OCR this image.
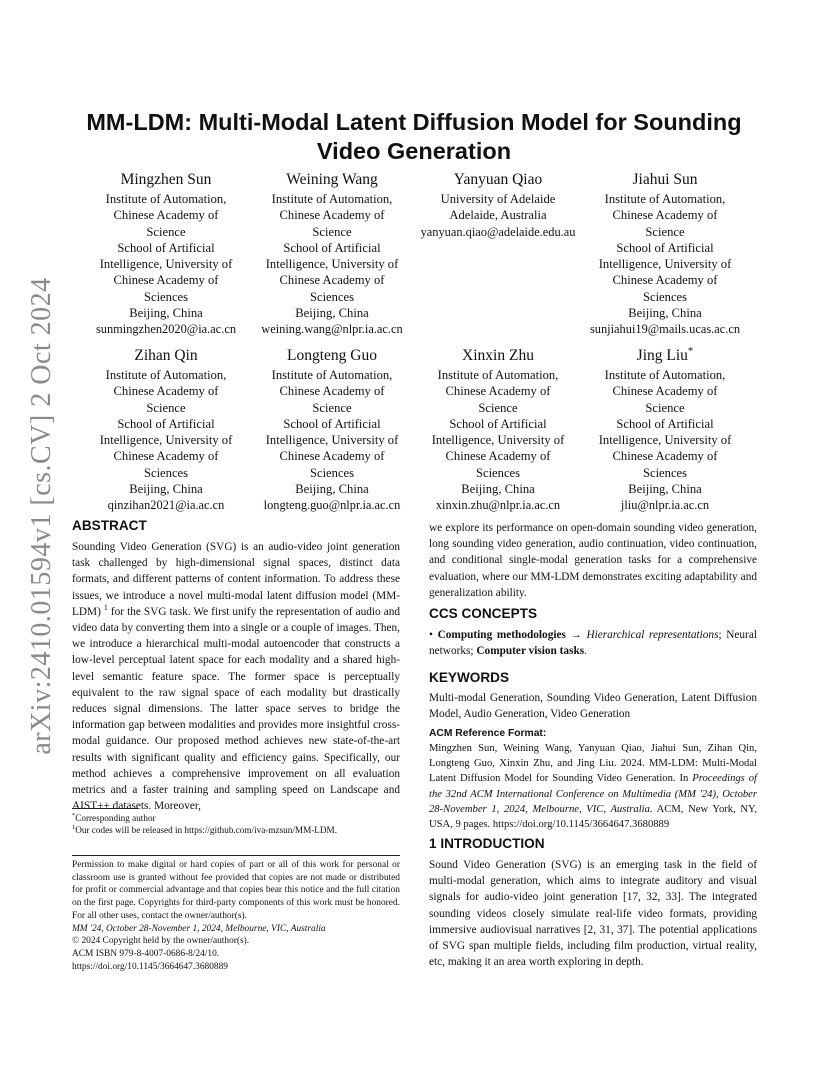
arXiv:2410.01594v1 [cs.CV] 2 Oct 2024
MM-LDM: Multi-Modal Latent Diffusion Model for Sounding Video Generation
Mingzhen Sun
Institute of Automation,
Chinese Academy of
Science
School of Artificial
Intelligence, University of
Chinese Academy of
Sciences
Beijing, China
sunmingzhen2020@ia.ac.cn
Weining Wang
Institute of Automation,
Chinese Academy of
Science
School of Artificial
Intelligence, University of
Chinese Academy of
Sciences
Beijing, China
weining.wang@nlpr.ia.ac.cn
Yanyuan Qiao
University of Adelaide
Adelaide, Australia
yanyuan.qiao@adelaide.edu.au
Jiahui Sun
Institute of Automation,
Chinese Academy of
Science
School of Artificial
Intelligence, University of
Chinese Academy of
Sciences
Beijing, China
sunjiahui19@mails.ucas.ac.cn
Zihan Qin
Institute of Automation,
Chinese Academy of
Science
School of Artificial
Intelligence, University of
Chinese Academy of
Sciences
Beijing, China
qinzihan2021@ia.ac.cn
Longteng Guo
Institute of Automation,
Chinese Academy of
Science
School of Artificial
Intelligence, University of
Chinese Academy of
Sciences
Beijing, China
longteng.guo@nlpr.ia.ac.cn
Xinxin Zhu
Institute of Automation,
Chinese Academy of
Science
School of Artificial
Intelligence, University of
Chinese Academy of
Sciences
Beijing, China
xinxin.zhu@nlpr.ia.ac.cn
Jing Liu*
Institute of Automation,
Chinese Academy of
Science
School of Artificial
Intelligence, University of
Chinese Academy of
Sciences
Beijing, China
jliu@nlpr.ia.ac.cn
ABSTRACT

Sounding Video Generation (SVG) is an audio-video joint generation task challenged by high-dimensional signal spaces, distinct data formats, and different patterns of content information. To address these issues, we introduce a novel multi-modal latent diffusion model (MM-LDM) $^1$ for the SVG task. We first unify the representation of audio and video data by converting them into a single or a couple of images. Then, we introduce a hierarchical multi-modal autoencoder that constructs a low-level perceptual latent space for each modality and a shared high-level semantic feature space. The former space is perceptually equivalent to the raw signal space of each modality but drastically reduces signal dimensions. The latter space serves to bridge the information gap between modalities and provides more insightful cross-modal guidance. Our proposed method achieves new state-of-the-art results with significant quality and efficiency gains. Specifically, our method achieves a comprehensive improvement on all evaluation metrics and a faster training and sampling speed on Landscape and AIST++ datasets. Moreover,

*Corresponding author
$^1$Our codes will be released in https://github.com/iva-mzsun/MM-LDM.
Permission to make digital or hard copies of part or all of this work for personal or classroom use is granted without fee provided that copies are not made or distributed for profit or commercial advantage and that copies bear this notice and the full citation on the first page. Copyrights for third-party components of this work must be honored. For all other uses, contact the owner/author(s).
MM '24, October 28-November 1, 2024, Melbourne, VIC, Australia
© 2024 Copyright held by the owner/author(s).
ACM ISBN 979-8-4007-0686-8/24/10.
https://doi.org/10.1145/3664647.3680889

we explore its performance on open-domain sounding video generation, long sounding video generation, audio continuation, video continuation, and conditional single-modal generation tasks for a comprehensive evaluation, where our MM-LDM demonstrates exciting adaptability and generalization ability.

CCS CONCEPTS

• Computing methodologies → Hierarchical representations; Neural networks; Computer vision tasks.

KEYWORDS

Multi-modal Generation, Sounding Video Generation, Latent Diffusion Model, Audio Generation, Video Generation

ACM Reference Format:

Mingzhen Sun, Weining Wang, Yanyuan Qiao, Jiahui Sun, Zihan Qin, Longteng Guo, Xinxin Zhu, and Jing Liu. 2024. MM-LDM: Multi-Modal Latent Diffusion Model for Sounding Video Generation. In Proceedings of the 32nd ACM International Conference on Multimedia (MM '24), October 28-November 1, 2024, Melbourne, VIC, Australia. ACM, New York, NY, USA, 9 pages. https://doi.org/10.1145/3664647.3680889

1 INTRODUCTION

Sound Video Generation (SVG) is an emerging task in the field of multi-modal generation, which aims to integrate auditory and visual signals for audio-video joint generation [17, 32, 33]. The integrated sounding videos closely simulate real-life video formats, providing immersive audiovisual narratives [2, 31, 37]. The potential applications of SVG span multiple fields, including film production, virtual reality, etc, making it an area worth exploring in depth.
